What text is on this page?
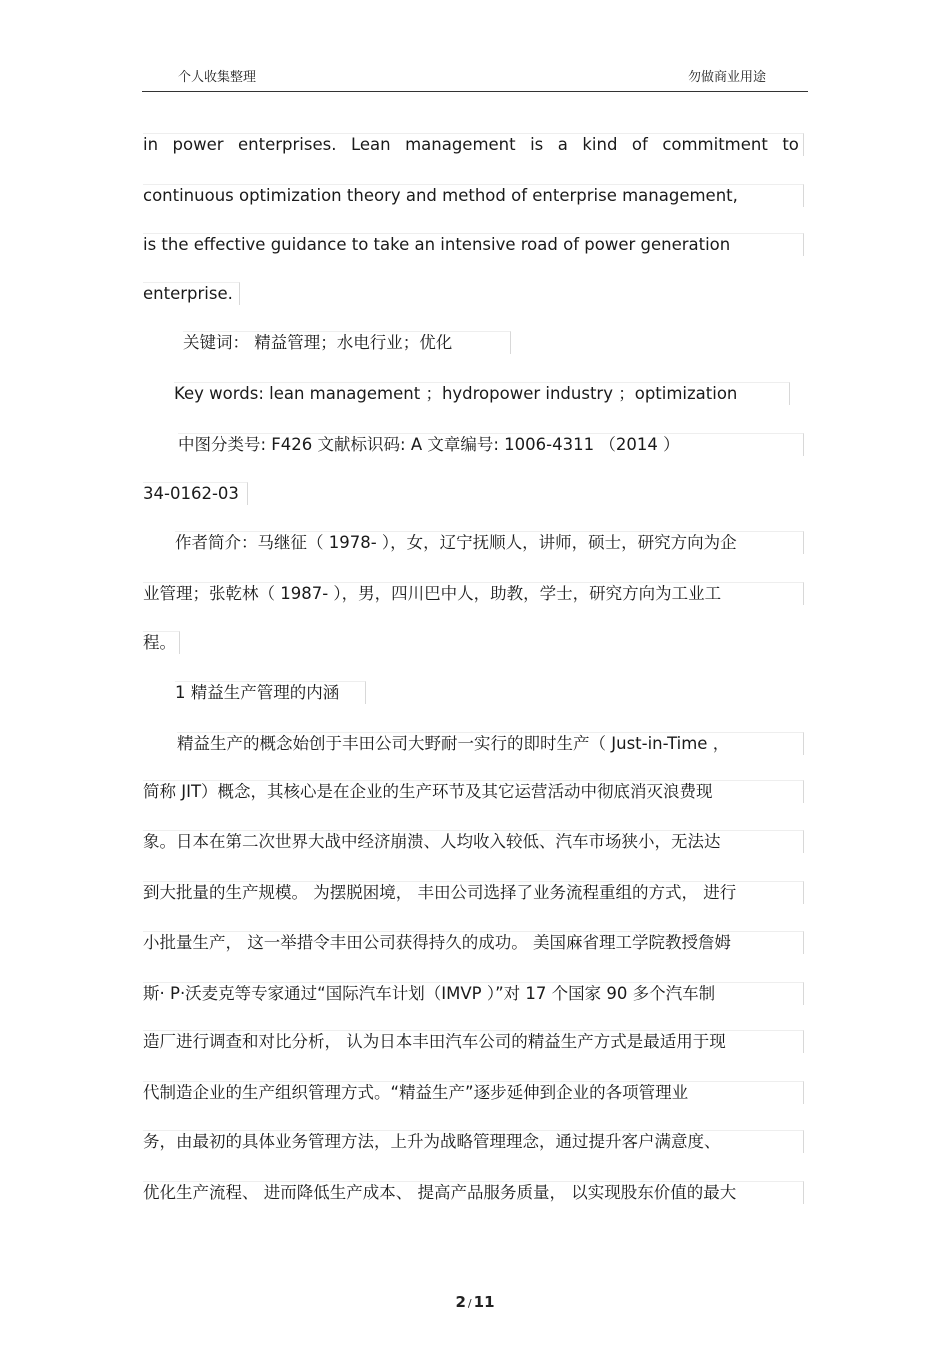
个人收集整理	勿做商业用途
in power enterprises. Lean management is a kind of commitment to
continuous optimization theory and method of enterprise management,
is the effective guidance to take an intensive road of power generation
enterprise.
关键词： 精益管理；水电行业；优化
Key words: lean management ；hydropower industry ；optimization
中图分类号: F426 文献标识码: A 文章编号: 1006-4311 （2014 ）
34-0162-03
作者简介：马继征（ 1978- ），女，辽宁抚顺人，讲师，硕士，研究方向为企
业管理；张乾林（ 1987- ），男，四川巴中人，助教，学士，研究方向为工业工
程。
1 精益生产管理的内涵
精益生产的概念始创于丰田公司大野耐一实行的即时生产（ Just-in-Time ，
简称 JIT）概念，其核心是在企业的生产环节及其它运营活动中彻底消灭浪费现
象。日本在第二次世界大战中经济崩溃、人均收入较低、汽车市场狭小，无法达
到大批量的生产规模。 为摆脱困境， 丰田公司选择了业务流程重组的方式， 进行
小批量生产， 这一举措令丰田公司获得持久的成功。 美国麻省理工学院教授詹姆
斯· P·沃麦克等专家通过“国际汽车计划（IMVP ）”对 17 个国家 90 多个汽车制
造厂进行调查和对比分析， 认为日本丰田汽车公司的精益生产方式是最适用于现
代制造企业的生产组织管理方式。“精益生产”逐步延伸到企业的各项管理业
务，由最初的具体业务管理方法，上升为战略管理理念，通过提升客户满意度、
优化生产流程、 进而降低生产成本、 提高产品服务质量， 以实现股东价值的最大
2 / 11
